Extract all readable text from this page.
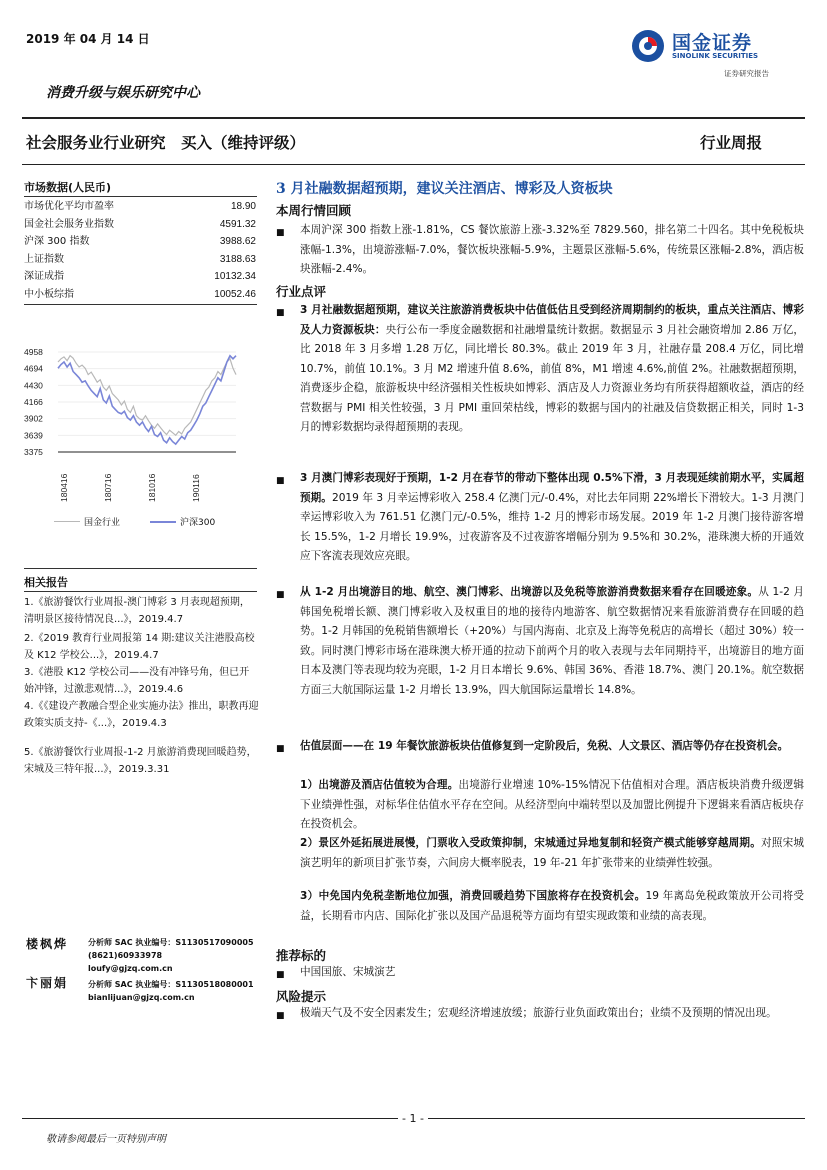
2019 年 04 月 14 日	国金证券
SINOLINK SECURITIES
证券研究报告
消费升级与娱乐研究中心
社会服务业行业研究　买入（维持评级）	行业周报
市场数据(人民币)
市场优化平均市盈率	18.90
国金社会服务业指数	4591.32
沪深 300 指数	3988.62
上证指数	3188.63
深证成指	10132.34
中小板综指	10052.46
4958
4694
4430
4166
3902
3639
3375
180416	180716	181016	190116
国金行业	沪深300
相关报告
1.《旅游餐饮行业周报-澳门博彩 3 月表现超预期，清明景区接待情况良...》，2019.4.7
2.《2019 教育行业周报第 14 期:建议关注港股高校及 K12 学校公...》，2019.4.7
3.《港股 K12 学校公司——没有冲锋号角，但已开始冲锋，过激悲观情...》，2019.4.6
4.《《建设产教融合型企业实施办法》推出，职教再迎政策实质支持-《...》，2019.4.3
5.《旅游餐饮行业周报-1-2 月旅游消费现回暖趋势，宋城及三特年报...》，2019.3.31
楼枫烨 分析师 SAC 执业编号：S1130517090005
(8621)60933978
loufy@gjzq.com.cn
卞丽娟 分析师 SAC 执业编号：S1130518080001
bianlijuan@gjzq.com.cn
3 月社融数据超预期，建议关注酒店、博彩及人资板块
本周行情回顾
■ 本周沪深 300 指数上涨-1.81%，CS 餐饮旅游上涨-3.32%至 7829.560，排名第二十四名。其中免税板块涨幅-1.3%，出境游涨幅-7.0%，餐饮板块涨幅-5.9%，主题景区涨幅-5.6%，传统景区涨幅-2.8%，酒店板块涨幅-2.4%。
行业点评
■ 3 月社融数据超预期，建议关注旅游消费板块中估值低估且受到经济周期制约的板块，重点关注酒店、博彩及人力资源板块：央行公布一季度金融数据和社融增量统计数据。数据显示 3 月社会融资增加 2.86 万亿，比 2018 年 3 月多增 1.28 万亿，同比增长 80.3%。截止 2019 年 3 月，社融存量 208.4 万亿，同比增 10.7%，前值 10.1%。3 月 M2 增速升值 8.6%，前值 8%，M1 增速 4.6%,前值 2%。社融数据超预期，消费逐步企稳，旅游板块中经济强相关性板块如博彩、酒店及人力资源业务均有所获得超额收益，酒店的经营数据与 PMI 相关性较强，3 月 PMI 重回荣枯线，博彩的数据与国内的社融及信贷数据正相关，同时 1-3 月的博彩数据均录得超预期的表现。
■ 3 月澳门博彩表现好于预期，1-2 月在春节的带动下整体出现 0.5%下滑，3 月表现延续前期水平，实属超预期。2019 年 3 月幸运博彩收入 258.4 亿澳门元/-0.4%，对比去年同期 22%增长下滑较大。1-3 月澳门幸运博彩收入为 761.51 亿澳门元/-0.5%，维持 1-2 月的博彩市场发展。2019 年 1-2 月澳门接待游客增长 15.5%，1-2 月增长 19.9%，过夜游客及不过夜游客增幅分别为 9.5%和 30.2%，港珠澳大桥的开通效应下客流表现效应亮眼。
■ 从 1-2 月出境游目的地、航空、澳门博彩、出境游以及免税等旅游消费数据来看存在回暖迹象。从 1-2 月韩国免税增长额、澳门博彩收入及权重目的地的接待内地游客、航空数据情况来看旅游消费存在回暖的趋势。1-2 月韩国的免税销售额增长（+20%）与国内海南、北京及上海等免税店的高增长（超过 30%）较一致。同时澳门博彩市场在港珠澳大桥开通的拉动下前两个月的收入表现与去年同期持平，出境游目的地方面日本及澳门等表现均较为亮眼，1-2 月日本增长 9.6%、韩国 36%、香港 18.7%、澳门 20.1%。航空数据方面三大航国际运量 1-2 月增长 13.9%，四大航国际运量增长 14.8%。
■ 估值层面——在 19 年餐饮旅游板块估值修复到一定阶段后，免税、人文景区、酒店等仍存在投资机会。
1）出境游及酒店估值较为合理。出境游行业增速 10%-15%情况下估值相对合理。酒店板块消费升级逻辑下业绩弹性强，对标华住估值水平存在空间。从经济型向中端转型以及加盟比例提升下逻辑来看酒店板块存在投资机会。
2）景区外延拓展进展慢，门票收入受政策抑制，宋城通过异地复制和轻资产模式能够穿越周期。对照宋城演艺明年的新项目扩张节奏，六间房大概率脱表，19 年-21 年扩张带来的业绩弹性较强。
3）中免国内免税垄断地位加强，消费回暖趋势下国旅将存在投资机会。19 年离岛免税政策放开公司将受益，长期看市内店、国际化扩张以及国产品退税等方面均有望实现政策和业绩的高表现。
推荐标的
■ 中国国旅、宋城演艺
风险提示
■ 极端天气及不安全因素发生；宏观经济增速放缓；旅游行业负面政策出台；业绩不及预期的情况出现。
- 1 -
敬请参阅最后一页特别声明
